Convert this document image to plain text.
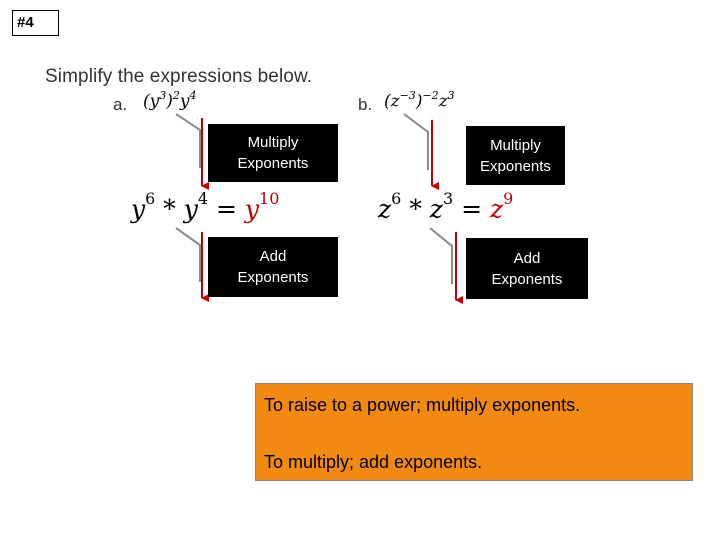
#4
Simplify the expressions below.
a. $(y^3)^2y^4$	b. $(z^{-3})^{-2}z^3$
Multiply
Exponents
Multiply
Exponents
$y^6 * y^4 = y^{10}$	$z^6 * z^3 = z^9$
Add
Exponents
Add
Exponents
To raise to a power; multiply exponents.
To multiply; add exponents.
